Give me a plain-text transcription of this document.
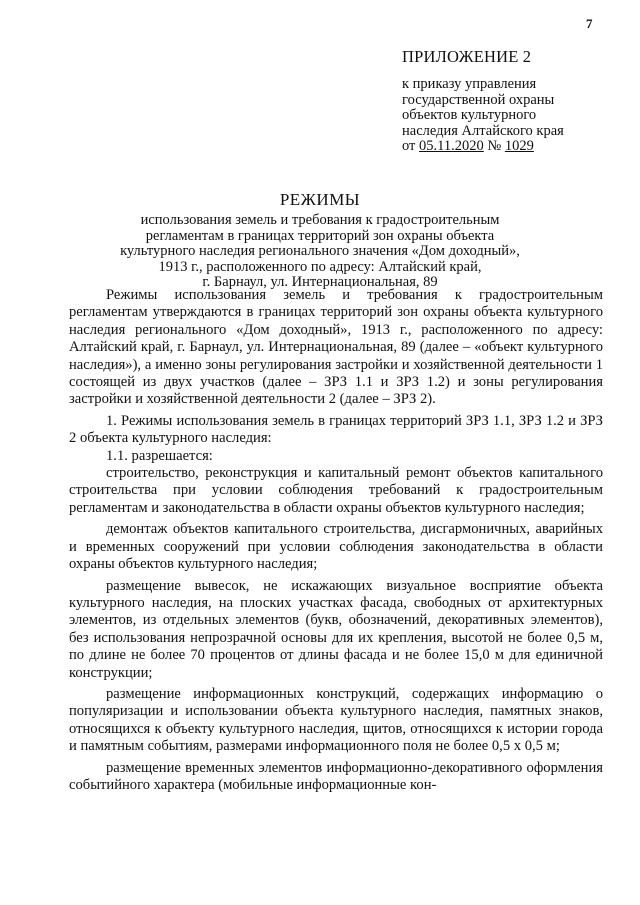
7
ПРИЛОЖЕНИЕ 2
к приказу управления
государственной охраны
объектов культурного
наследия Алтайского края
от 05.11.2020 № 1029
РЕЖИМЫ
использования земель и требования к градостроительным
регламентам в границах территорий зон охраны объекта
культурного наследия регионального значения «Дом доходный»,
1913 г., расположенного по адресу: Алтайский край,
г. Барнаул, ул. Интернациональная, 89

Режимы использования земель и требования к градостроительным регламентам утверждаются в границах территорий зон охраны объекта культурного наследия регионального «Дом доходный», 1913 г., расположенного по адресу: Алтайский край, г. Барнаул, ул. Интернациональная, 89 (далее – «объект культурного наследия»), а именно зоны регулирования застройки и хозяйственной деятельности 1 состоящей из двух участков (далее – ЗРЗ 1.1 и ЗРЗ 1.2) и зоны регулирования застройки и хозяйственной деятельности 2 (далее – ЗРЗ 2).

1. Режимы использования земель в границах территорий ЗРЗ 1.1, ЗРЗ 1.2 и ЗРЗ 2 объекта культурного наследия:

1.1. разрешается:

строительство, реконструкция и капитальный ремонт объектов капитального строительства при условии соблюдения требований к градостроительным регламентам и законодательства в области охраны объектов культурного наследия;

демонтаж объектов капитального строительства, дисгармоничных, аварийных и временных сооружений при условии соблюдения законодательства в области охраны объектов культурного наследия;

размещение вывесок, не искажающих визуальное восприятие объекта культурного наследия, на плоских участках фасада, свободных от архитектурных элементов, из отдельных элементов (букв, обозначений, декоративных элементов), без использования непрозрачной основы для их крепления, высотой не более 0,5 м, по длине не более 70 процентов от длины фасада и не более 15,0 м для единичной конструкции;

размещение информационных конструкций, содержащих информацию о популяризации и использовании объекта культурного наследия, памятных знаков, относящихся к объекту культурного наследия, щитов, относящихся к истории города и памятным событиям, размерами информационного поля не более 0,5 х 0,5 м;

размещение временных элементов информационно-декоративного оформления событийного характера (мобильные информационные кон-
